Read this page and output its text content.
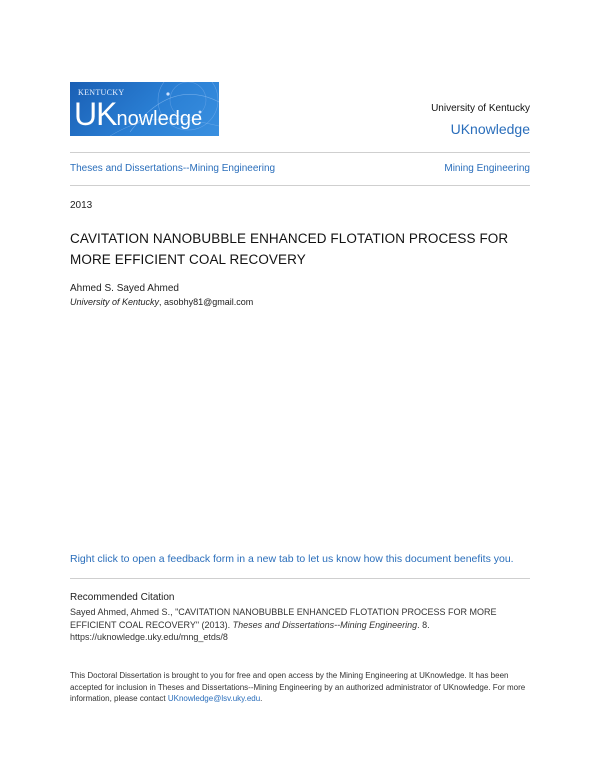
KENTUCKY
UKnowledge	University of Kentucky
UKnowledge
Theses and Dissertations--Mining Engineering	Mining Engineering
2013
CAVITATION NANOBUBBLE ENHANCED FLOTATION PROCESS FOR MORE EFFICIENT COAL RECOVERY
Ahmed S. Sayed Ahmed
University of Kentucky, asobhy81@gmail.com
Right click to open a feedback form in a new tab to let us know how this document benefits you.
Recommended Citation
Sayed Ahmed, Ahmed S., "CAVITATION NANOBUBBLE ENHANCED FLOTATION PROCESS FOR MORE EFFICIENT COAL RECOVERY" (2013). Theses and Dissertations--Mining Engineering. 8.
https://uknowledge.uky.edu/mng_etds/8
This Doctoral Dissertation is brought to you for free and open access by the Mining Engineering at UKnowledge. It has been accepted for inclusion in Theses and Dissertations--Mining Engineering by an authorized administrator of UKnowledge. For more information, please contact UKnowledge@lsv.uky.edu.
